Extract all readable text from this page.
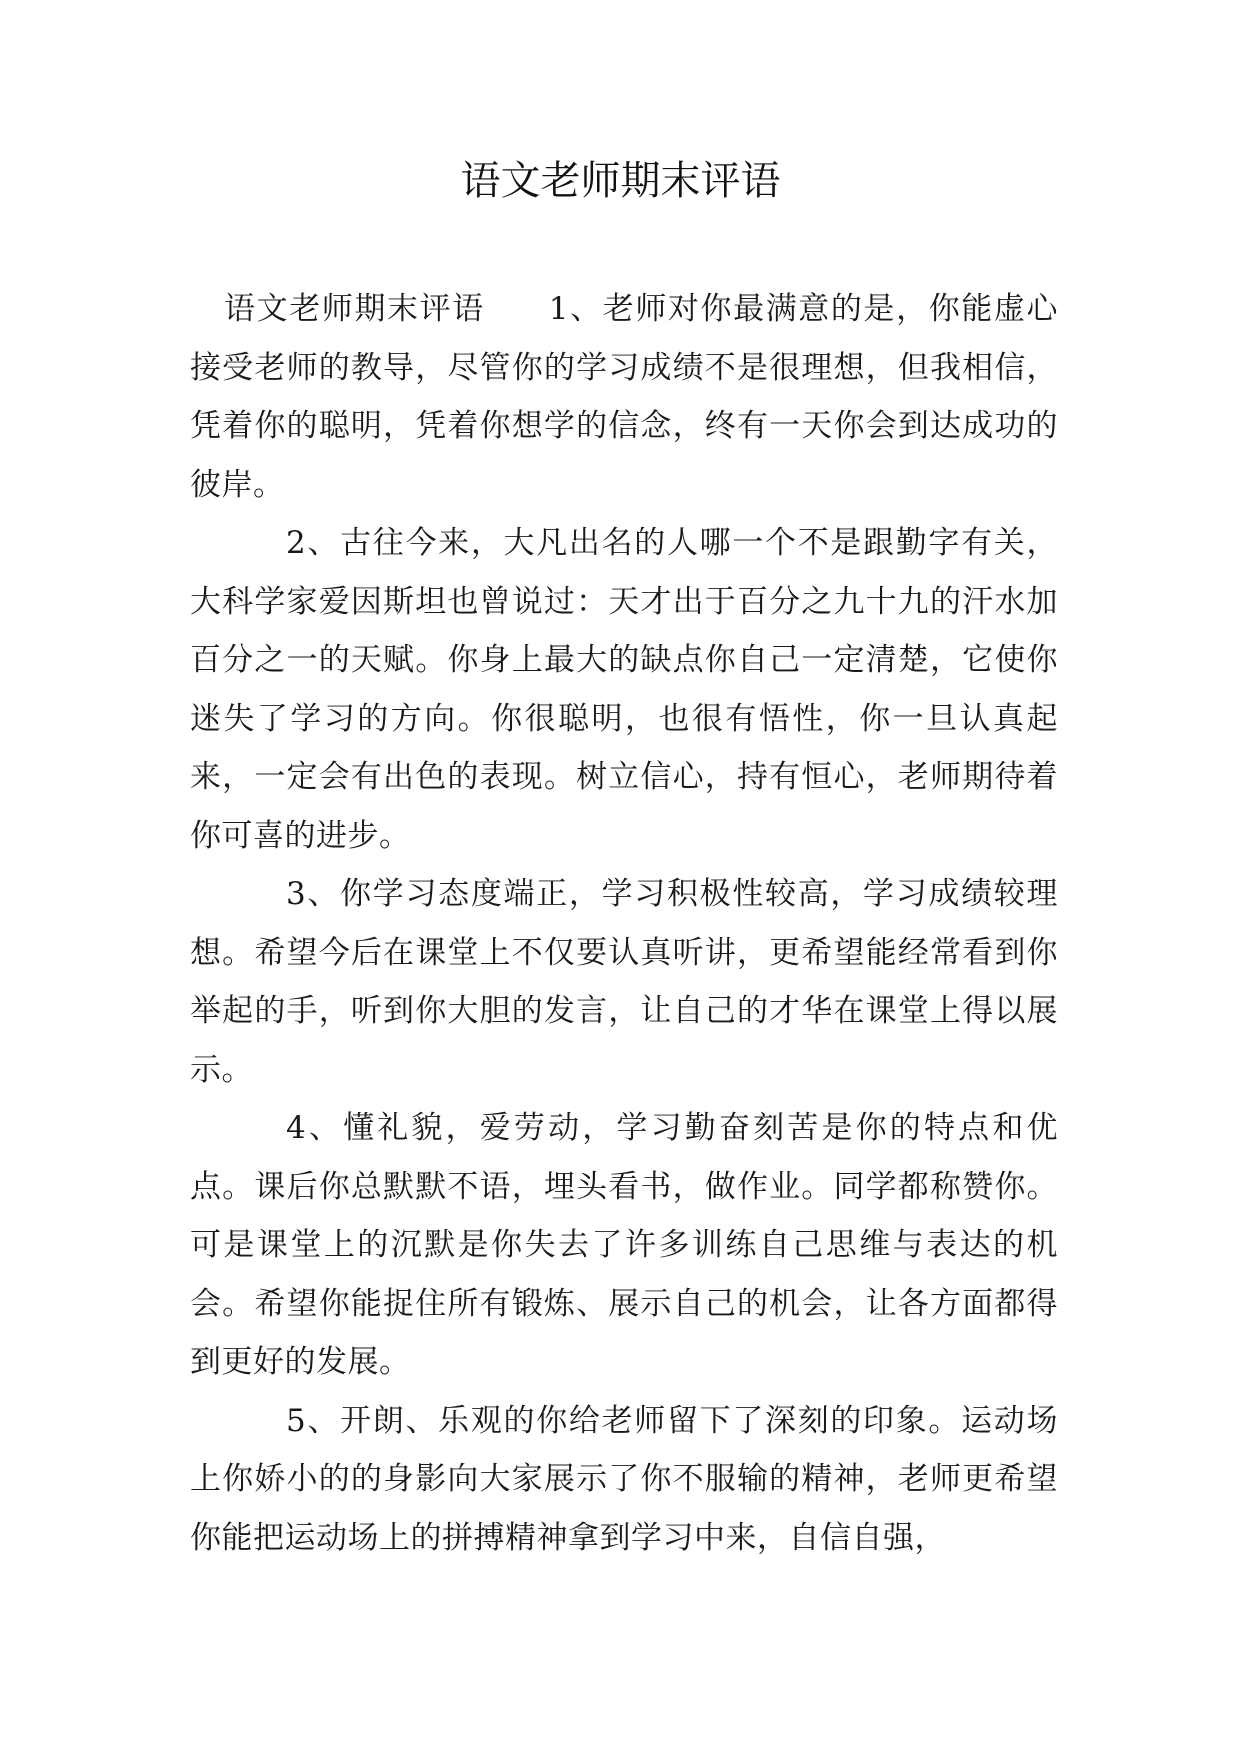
语文老师期末评语

语文老师期末评语 1、老师对你最满意的是，你能虚心接受老师的教导，尽管你的学习成绩不是很理想，但我相信，凭着你的聪明，凭着你想学的信念，终有一天你会到达成功的彼岸。

2、古往今来，大凡出名的人哪一个不是跟勤字有关，大科学家爱因斯坦也曾说过：天才出于百分之九十九的汗水加百分之一的天赋。你身上最大的缺点你自己一定清楚，它使你迷失了学习的方向。你很聪明，也很有悟性，你一旦认真起来，一定会有出色的表现。树立信心，持有恒心，老师期待着你可喜的进步。

3、你学习态度端正，学习积极性较高，学习成绩较理想。希望今后在课堂上不仅要认真听讲，更希望能经常看到你举起的手，听到你大胆的发言，让自己的才华在课堂上得以展示。

4、懂礼貌，爱劳动，学习勤奋刻苦是你的特点和优点。课后你总默默不语，埋头看书，做作业。同学都称赞你。可是课堂上的沉默是你失去了许多训练自己思维与表达的机会。希望你能捉住所有锻炼、展示自己的机会，让各方面都得到更好的发展。

5、开朗、乐观的你给老师留下了深刻的印象。运动场上你娇小的的身影向大家展示了你不服输的精神，老师更希望你能把运动场上的拼搏精神拿到学习中来，自信自强，
